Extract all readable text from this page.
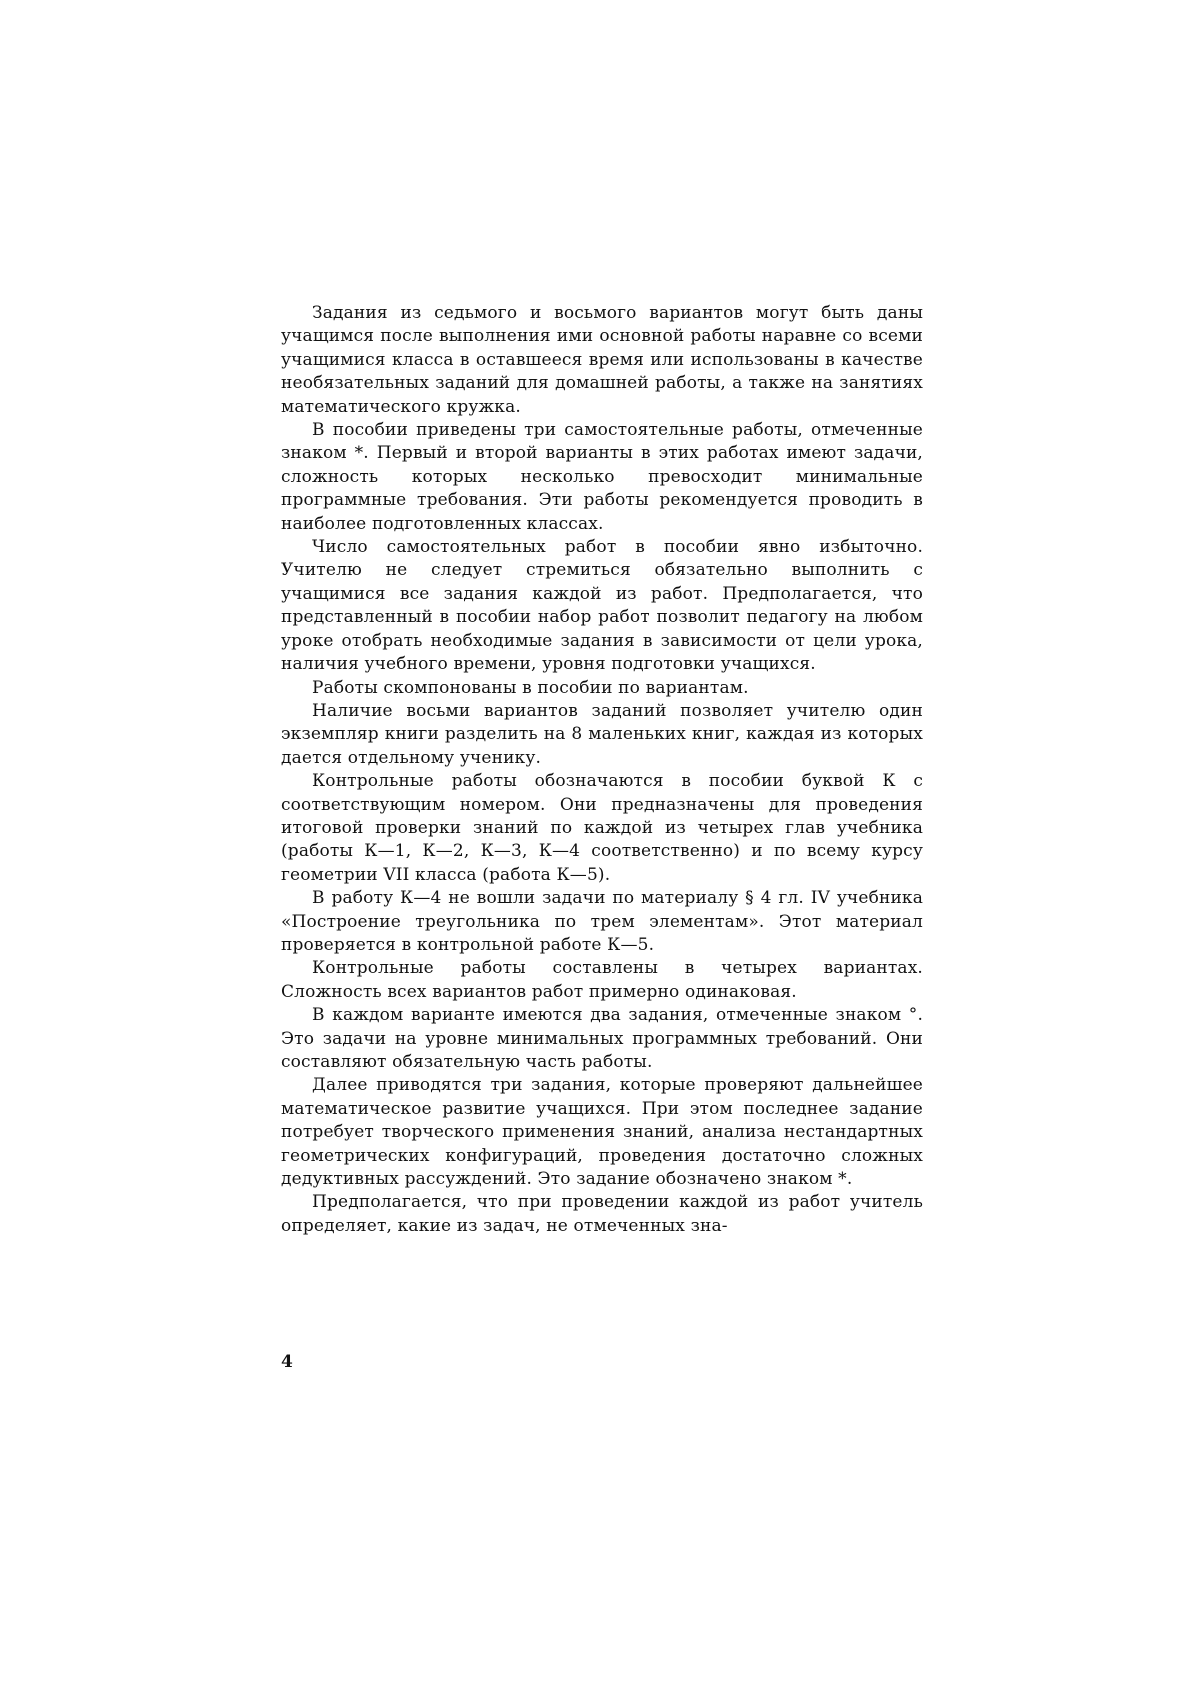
Задания из седьмого и восьмого вариантов могут быть даны учащимся после выполнения ими основной работы наравне со всеми учащимися класса в оставшееся время или использованы в качестве необязательных заданий для домашней работы, а также на занятиях математического кружка.

В пособии приведены три самостоятельные работы, отмеченные знаком *. Первый и второй варианты в этих работах имеют задачи, сложность которых несколько превосходит минимальные программные требования. Эти работы рекомендуется проводить в наиболее подготовленных классах.

Число самостоятельных работ в пособии явно избыточно. Учителю не следует стремиться обязательно выполнить с учащимися все задания каждой из работ. Предполагается, что представленный в пособии набор работ позволит педагогу на любом уроке отобрать необходимые задания в зависимости от цели урока, наличия учебного времени, уровня подготовки учащихся.

Работы скомпонованы в пособии по вариантам.

Наличие восьми вариантов заданий позволяет учителю один экземпляр книги разделить на 8 маленьких книг, каждая из которых дается отдельному ученику.

Контрольные работы обозначаются в пособии буквой К с соответствующим номером. Они предназначены для проведения итоговой проверки знаний по каждой из четырех глав учебника (работы К—1, К—2, К—3, К—4 соответственно) и по всему курсу геометрии VII класса (работа К—5).

В работу К—4 не вошли задачи по материалу § 4 гл. IV учебника «Построение треугольника по трем элементам». Этот материал проверяется в контрольной работе К—5.

Контрольные работы составлены в четырех вариантах. Сложность всех вариантов работ примерно одинаковая.

В каждом варианте имеются два задания, отмеченные знаком °. Это задачи на уровне минимальных программных требований. Они составляют обязательную часть работы.

Далее приводятся три задания, которые проверяют дальнейшее математическое развитие учащихся. При этом последнее задание потребует творческого применения знаний, анализа нестандартных геометрических конфигураций, проведения достаточно сложных дедуктивных рассуждений. Это задание обозначено знаком *.

Предполагается, что при проведении каждой из работ учитель определяет, какие из задач, не отмеченных зна-

4
